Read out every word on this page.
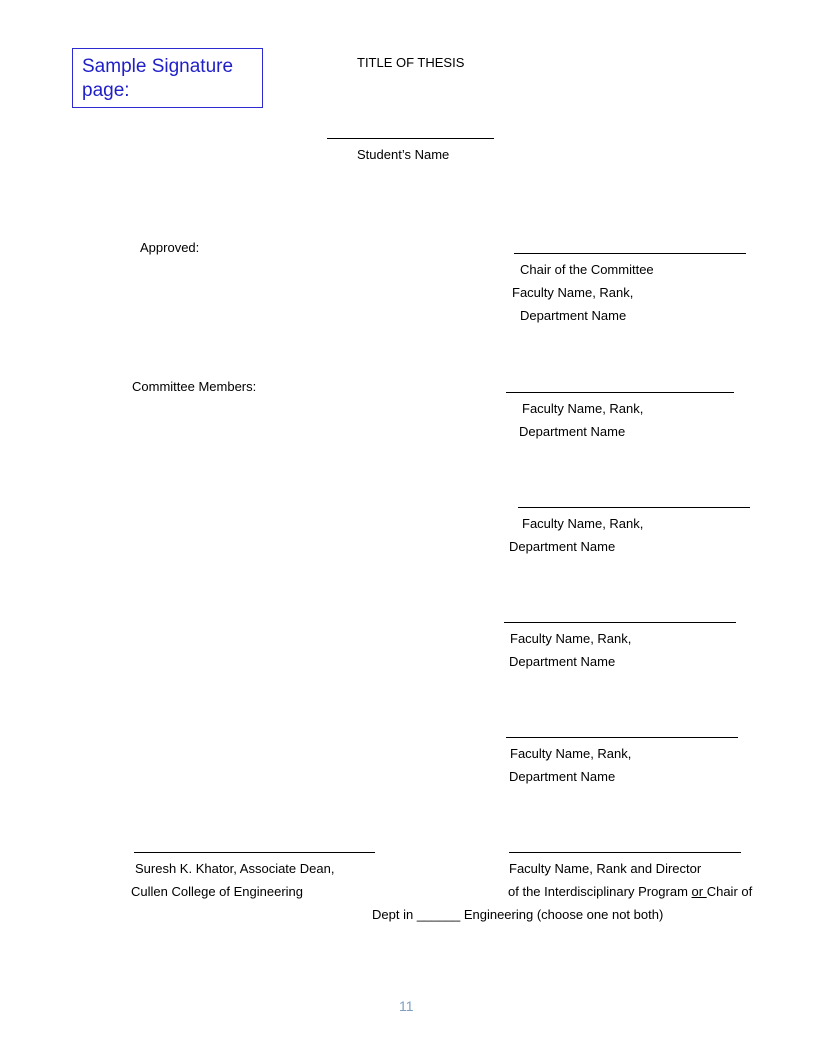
Sample Signature page:
TITLE OF THESIS
Student’s Name
Approved:
Chair of the Committee
Faculty Name, Rank,
Department Name
Committee Members:
Faculty Name, Rank,
Department Name
Faculty Name, Rank,
Department Name
Faculty Name, Rank,
Department Name
Faculty Name, Rank,
Department Name
Suresh K. Khator, Associate Dean,
Cullen College of Engineering
Faculty Name, Rank and Director
of the Interdisciplinary Program or Chair of
Dept in ______ Engineering (choose one not both)
11
